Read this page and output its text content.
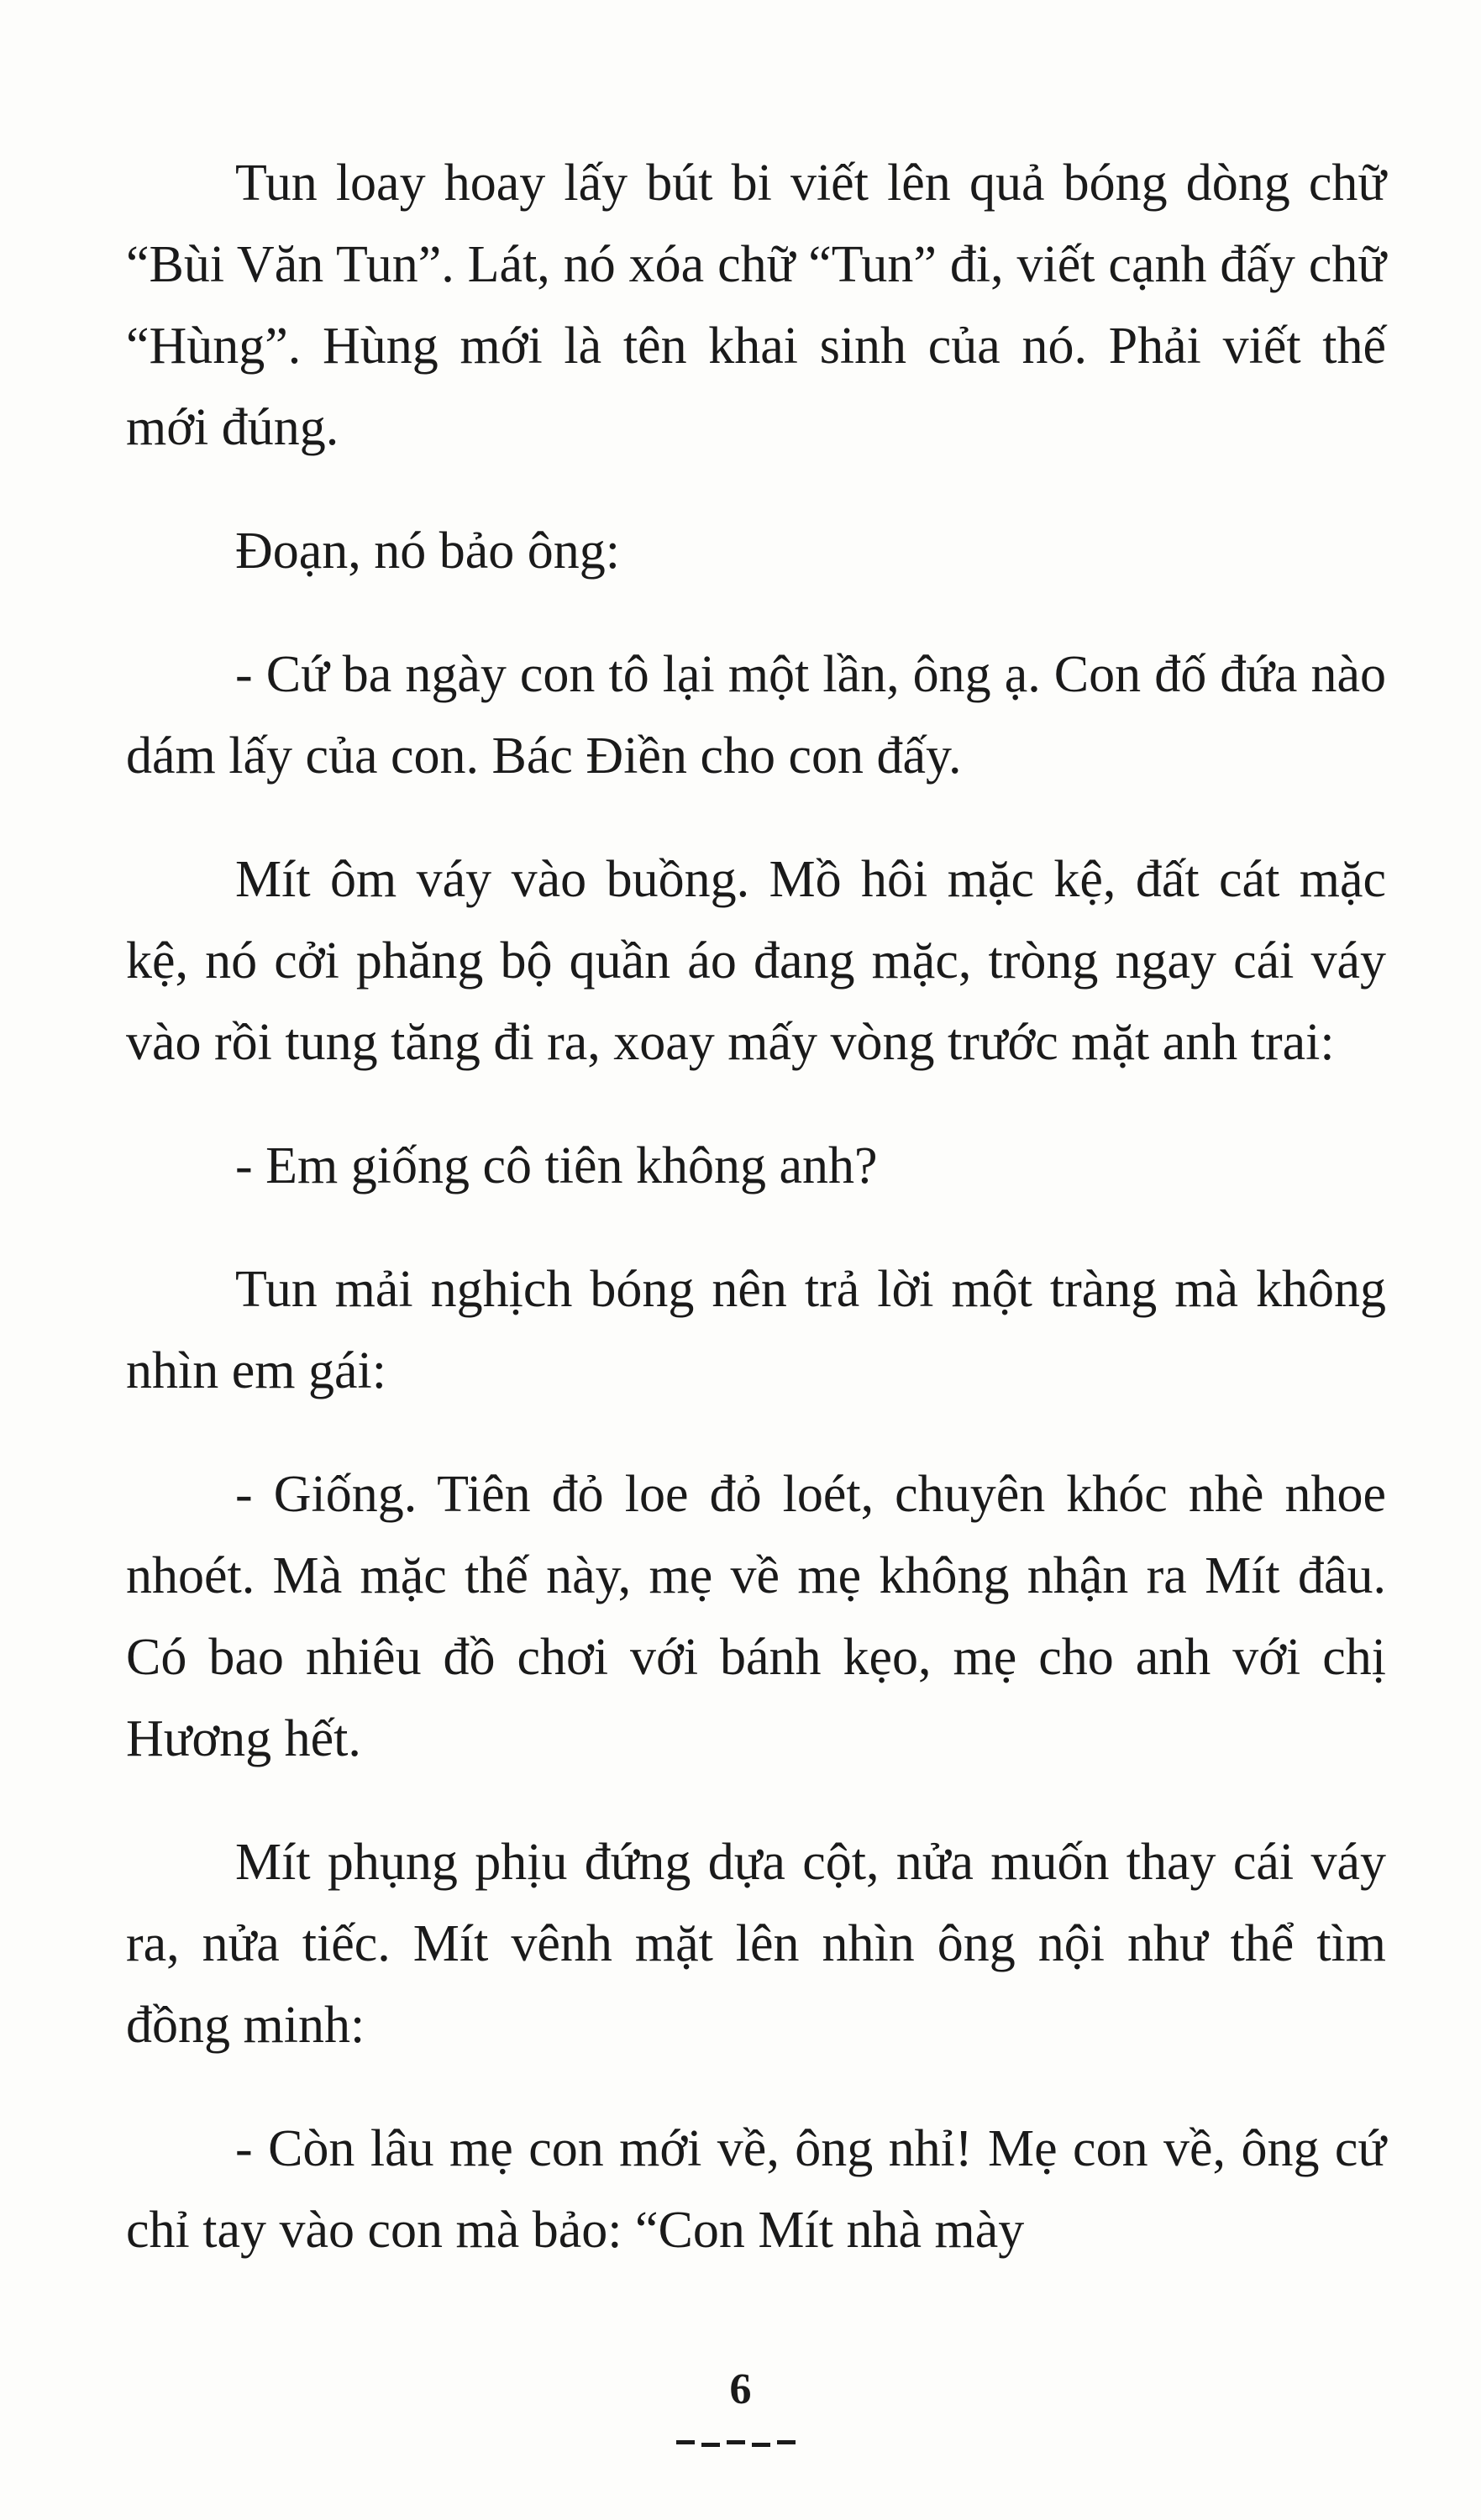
Tun loay hoay lấy bút bi viết lên quả bóng dòng chữ “Bùi Văn Tun”. Lát, nó xóa chữ “Tun” đi, viết cạnh đấy chữ “Hùng”. Hùng mới là tên khai sinh của nó. Phải viết thế mới đúng.

Đoạn, nó bảo ông:

- Cứ ba ngày con tô lại một lần, ông ạ. Con đố đứa nào dám lấy của con. Bác Điền cho con đấy.

Mít ôm váy vào buồng. Mồ hôi mặc kệ, đất cát mặc kệ, nó cởi phăng bộ quần áo đang mặc, tròng ngay cái váy vào rồi tung tăng đi ra, xoay mấy vòng trước mặt anh trai:

- Em giống cô tiên không anh?

Tun mải nghịch bóng nên trả lời một tràng mà không nhìn em gái:

- Giống. Tiên đỏ loe đỏ loét, chuyên khóc nhè nhoe nhoét. Mà mặc thế này, mẹ về mẹ không nhận ra Mít đâu. Có bao nhiêu đồ chơi với bánh kẹo, mẹ cho anh với chị Hương hết.

Mít phụng phịu đứng dựa cột, nửa muốn thay cái váy ra, nửa tiếc. Mít vênh mặt lên nhìn ông nội như thể tìm đồng minh:

- Còn lâu mẹ con mới về, ông nhỉ! Mẹ con về, ông cứ chỉ tay vào con mà bảo: “Con Mít nhà mày

6
